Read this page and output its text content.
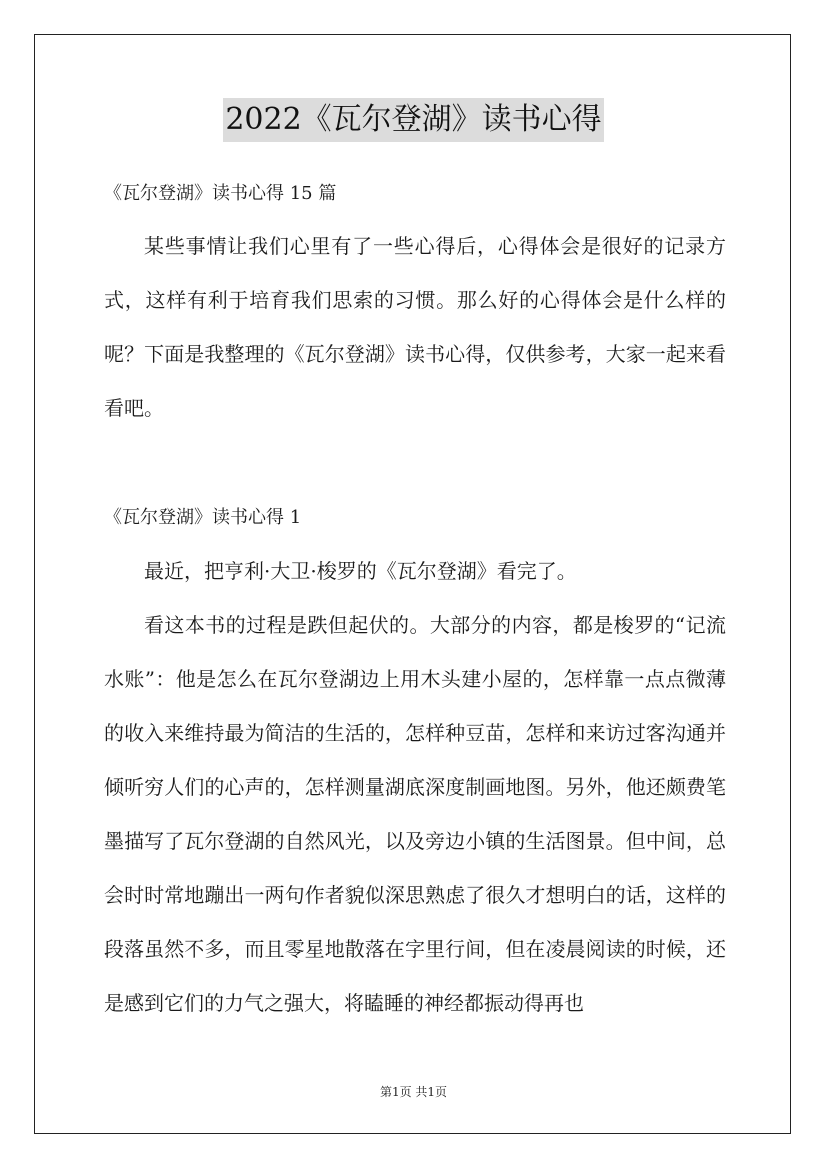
2022《瓦尔登湖》读书心得
《瓦尔登湖》读书心得 15 篇

某些事情让我们心里有了一些心得后，心得体会是很好的记录方式，这样有利于培育我们思索的习惯。那么好的心得体会是什么样的呢？下面是我整理的《瓦尔登湖》读书心得，仅供参考，大家一起来看看吧。

《瓦尔登湖》读书心得 1

最近，把亨利·大卫·梭罗的《瓦尔登湖》看完了。

看这本书的过程是跌但起伏的。大部分的内容，都是梭罗的“记流水账”：他是怎么在瓦尔登湖边上用木头建小屋的，怎样靠一点点微薄的收入来维持最为简洁的生活的，怎样种豆苗，怎样和来访过客沟通并倾听穷人们的心声的，怎样测量湖底深度制画地图。另外，他还颇费笔墨描写了瓦尔登湖的自然风光，以及旁边小镇的生活图景。但中间，总会时时常地蹦出一两句作者貌似深思熟虑了很久才想明白的话，这样的段落虽然不多，而且零星地散落在字里行间，但在凌晨阅读的时候，还是感到它们的力气之强大，将瞌睡的神经都振动得再也

第1页 共1页
